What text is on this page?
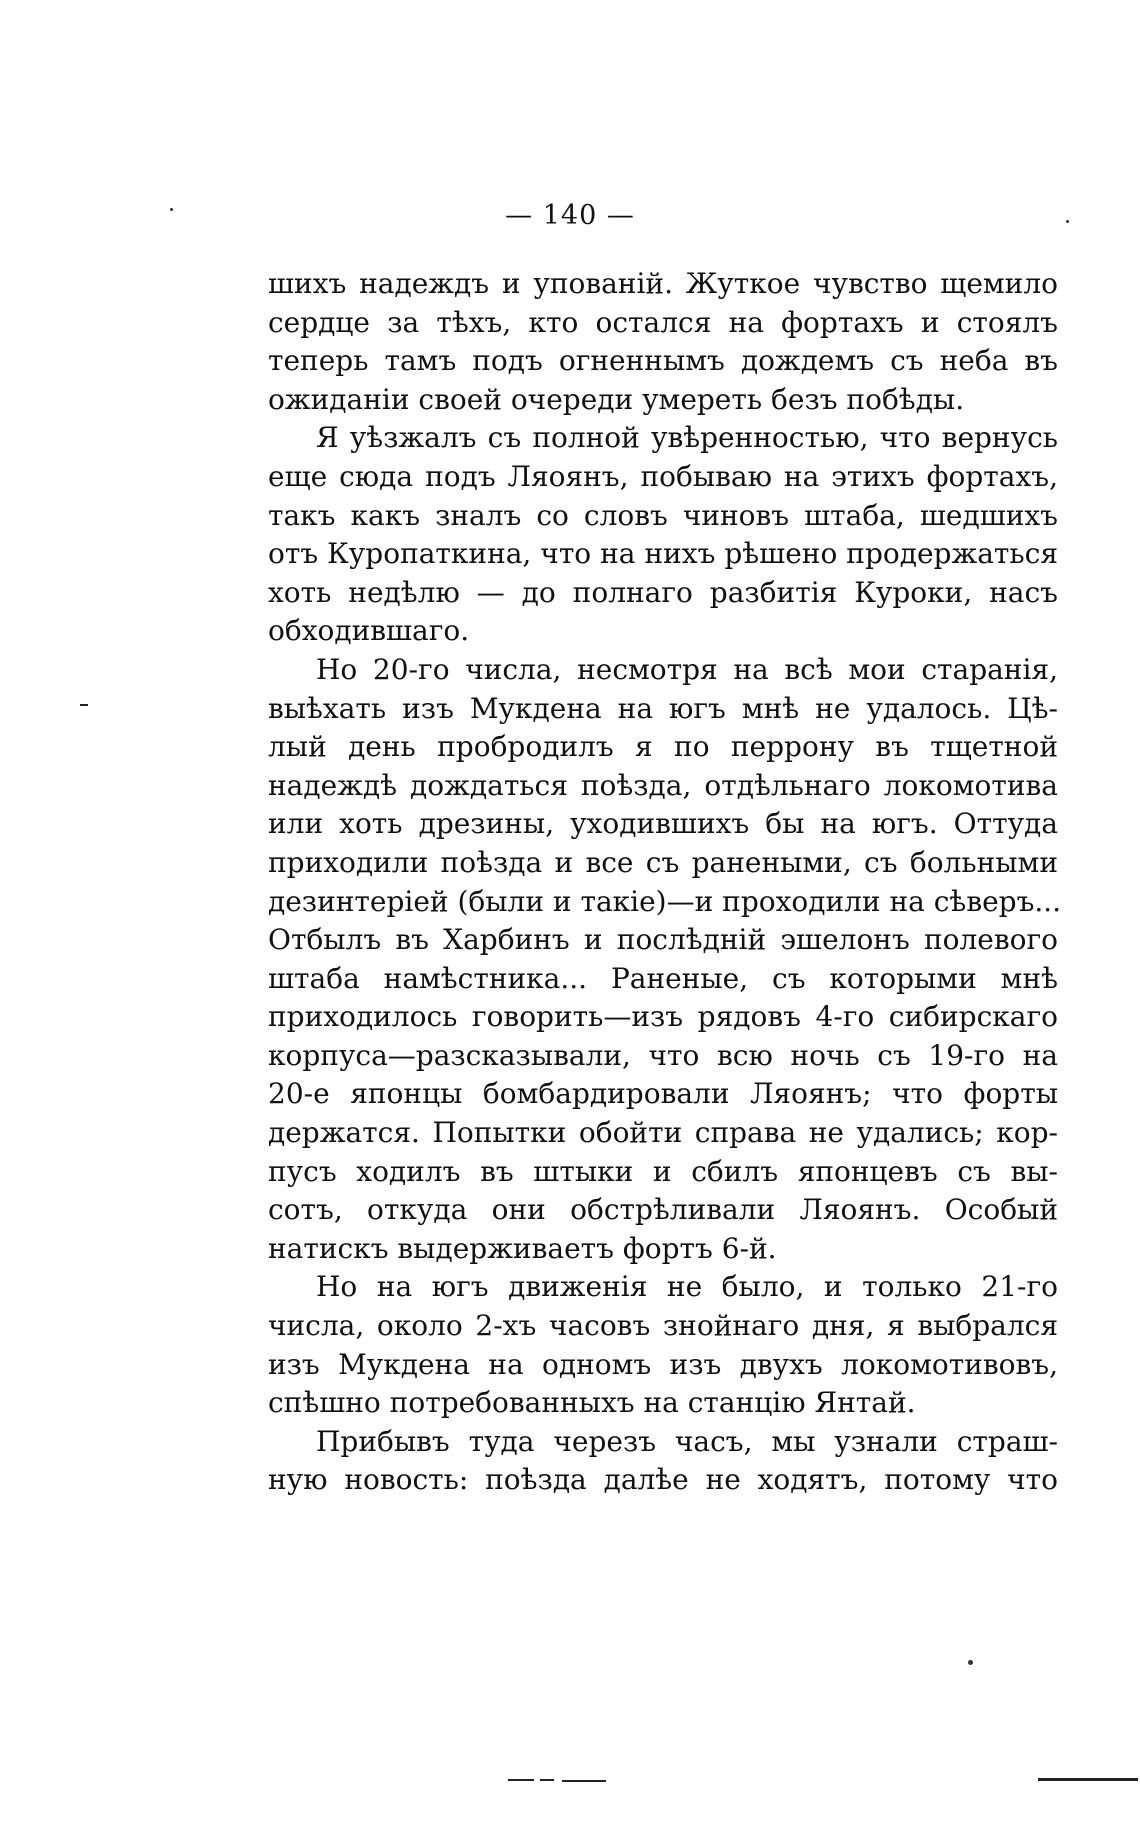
— 140 —
шихъ надеждъ и упованій. Жуткое чувство щемило
сердце за тѣхъ, кто остался на фортахъ и стоялъ
теперь тамъ подъ огненнымъ дождемъ съ неба въ
ожиданіи своей очереди умереть безъ побѣды.
Я уѣзжалъ съ полной увѣренностью, что вернусь
еще сюда подъ Ляоянъ, побываю на этихъ фортахъ,
такъ какъ зналъ со словъ чиновъ штаба, шедшихъ
отъ Куропаткина, что на нихъ рѣшено продержаться
хоть недѣлю — до полнаго разбитія Куроки, насъ
обходившаго.
Но 20-го числа, несмотря на всѣ мои старанія,
выѣхать изъ Мукдена на югъ мнѣ не удалось. Цѣ-
лый день пробродилъ я по перрону въ тщетной
надеждѣ дождаться поѣзда, отдѣльнаго локомотива
или хоть дрезины, уходившихъ бы на югъ. Оттуда
приходили поѣзда и все съ ранеными, съ больными
дезинтеріей (были и такіе)—и проходили на сѣверъ...
Отбылъ въ Харбинъ и послѣдній эшелонъ полевого
штаба намѣстника... Раненые, съ которыми мнѣ
приходилось говорить—изъ рядовъ 4-го сибирскаго
корпуса—разсказывали, что всю ночь съ 19-го на
20-е японцы бомбардировали Ляоянъ; что форты
держатся. Попытки обойти справа не удались; кор-
пусъ ходилъ въ штыки и сбилъ японцевъ съ вы-
сотъ, откуда они обстрѣливали Ляоянъ. Особый
натискъ выдерживаетъ фортъ 6-й.
Но на югъ движенія не было, и только 21-го
числа, около 2-хъ часовъ знойнаго дня, я выбрался
изъ Мукдена на одномъ изъ двухъ локомотивовъ,
спѣшно потребованныхъ на станцію Янтай.
Прибывъ туда черезъ часъ, мы узнали страш-
ную новость: поѣзда далѣе не ходятъ, потому что
